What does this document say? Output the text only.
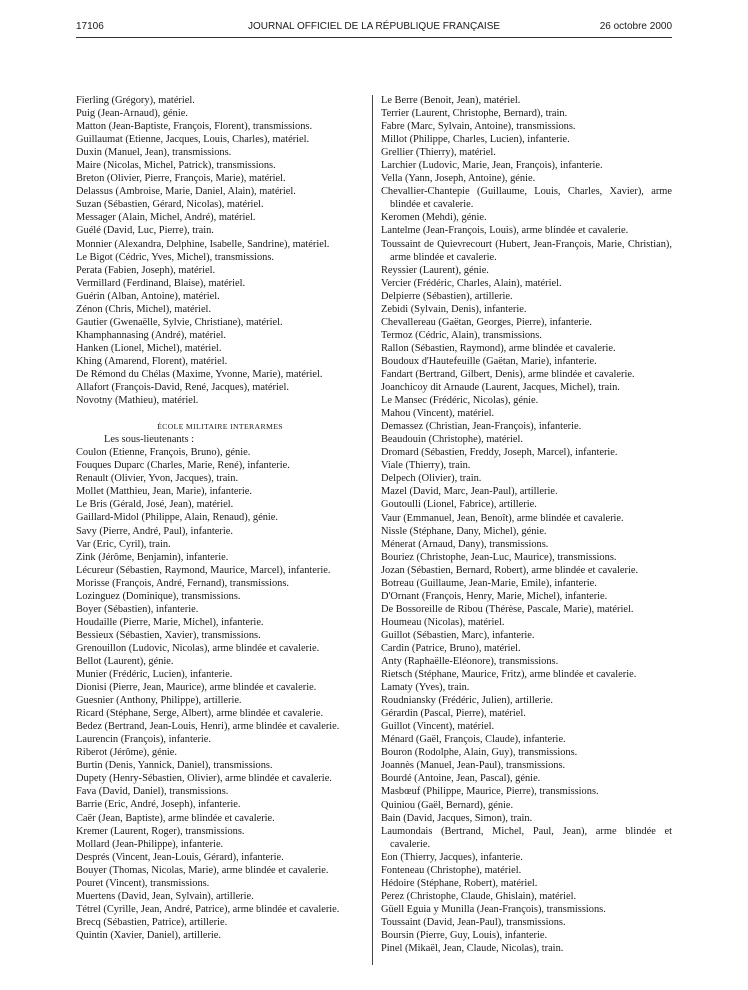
17106	JOURNAL OFFICIEL DE LA RÉPUBLIQUE FRANÇAISE	26 octobre 2000
Fierling (Grégory), matériel.
Puig (Jean-Arnaud), génie.
Matton (Jean-Baptiste, François, Florent), transmissions.
Guillaumat (Etienne, Jacques, Louis, Charles), matériel.
Duxin (Manuel, Jean), transmissions.
Maire (Nicolas, Michel, Patrick), transmissions.
Breton (Olivier, Pierre, François, Marie), matériel.
Delassus (Ambroise, Marie, Daniel, Alain), matériel.
Suzan (Sébastien, Gérard, Nicolas), matériel.
Messager (Alain, Michel, André), matériel.
Guélé (David, Luc, Pierre), train.
Monnier (Alexandra, Delphine, Isabelle, Sandrine), matériel.
Le Bigot (Cédric, Yves, Michel), transmissions.
Perata (Fabien, Joseph), matériel.
Vermillard (Ferdinand, Blaise), matériel.
Guérin (Alban, Antoine), matériel.
Zénon (Chris, Michel), matériel.
Gautier (Gwenaëlle, Sylvie, Christiane), matériel.
Khamphannasing (André), matériel.
Hanken (Lionel, Michel), matériel.
Khing (Amarend, Florent), matériel.
De Rémond du Chélas (Maxime, Yvonne, Marie), matériel.
Allafort (François-David, René, Jacques), matériel.
Novotny (Mathieu), matériel.
ÉCOLE MILITAIRE INTERARMES
Les sous-lieutenants :
Coulon (Etienne, François, Bruno), génie.
Fouques Duparc (Charles, Marie, René), infanterie.
Renault (Olivier, Yvon, Jacques), train.
Mollet (Matthieu, Jean, Marie), infanterie.
Le Bris (Gérald, José, Jean), matériel.
Gaillard-Midol (Philippe, Alain, Renaud), génie.
Savy (Pierre, André, Paul), infanterie.
Var (Eric, Cyril), train.
Zink (Jérôme, Benjamin), infanterie.
Lécureur (Sébastien, Raymond, Maurice, Marcel), infanterie.
Morisse (François, André, Fernand), transmissions.
Lozinguez (Dominique), transmissions.
Boyer (Sébastien), infanterie.
Houdaille (Pierre, Marie, Michel), infanterie.
Bessieux (Sébastien, Xavier), transmissions.
Grenouillon (Ludovic, Nicolas), arme blindée et cavalerie.
Bellot (Laurent), génie.
Munier (Frédéric, Lucien), infanterie.
Dionisi (Pierre, Jean, Maurice), arme blindée et cavalerie.
Guesnier (Anthony, Philippe), artillerie.
Ricard (Stéphane, Serge, Albert), arme blindée et cavalerie.
Bedez (Bertrand, Jean-Louis, Henri), arme blindée et cavalerie.
Laurencin (François), infanterie.
Riberot (Jérôme), génie.
Burtin (Denis, Yannick, Daniel), transmissions.
Dupety (Henry-Sébastien, Olivier), arme blindée et cavalerie.
Fava (David, Daniel), transmissions.
Barrie (Eric, André, Joseph), infanterie.
Caër (Jean, Baptiste), arme blindée et cavalerie.
Kremer (Laurent, Roger), transmissions.
Mollard (Jean-Philippe), infanterie.
Després (Vincent, Jean-Louis, Gérard), infanterie.
Bouyer (Thomas, Nicolas, Marie), arme blindée et cavalerie.
Pouret (Vincent), transmissions.
Muertens (David, Jean, Sylvain), artillerie.
Tétrel (Cyrille, Jean, André, Patrice), arme blindée et cavalerie.
Brecq (Sébastien, Patrice), artillerie.
Quintin (Xavier, Daniel), artillerie.
Le Berre (Benoit, Jean), matériel.
Terrier (Laurent, Christophe, Bernard), train.
Fabre (Marc, Sylvain, Antoine), transmissions.
Millot (Philippe, Charles, Lucien), infanterie.
Grellier (Thierry), matériel.
Larchier (Ludovic, Marie, Jean, François), infanterie.
Vella (Yann, Joseph, Antoine), génie.
Chevallier-Chantepie (Guillaume, Louis, Charles, Xavier), arme blindée et cavalerie.
Keromen (Mehdi), génie.
Lantelme (Jean-François, Louis), arme blindée et cavalerie.
Toussaint de Quievrecourt (Hubert, Jean-François, Marie, Christian), arme blindée et cavalerie.
Reyssier (Laurent), génie.
Vercier (Frédéric, Charles, Alain), matériel.
Delpierre (Sébastien), artillerie.
Zebidi (Sylvain, Denis), infanterie.
Chevallereau (Gaëtan, Georges, Pierre), infanterie.
Termoz (Cédric, Alain), transmissions.
Rallon (Sébastien, Raymond), arme blindée et cavalerie.
Boudoux d'Hautefeuille (Gaëtan, Marie), infanterie.
Fandart (Bertrand, Gilbert, Denis), arme blindée et cavalerie.
Joanchicoy dit Arnaude (Laurent, Jacques, Michel), train.
Le Mansec (Frédéric, Nicolas), génie.
Mahou (Vincent), matériel.
Demassez (Christian, Jean-François), infanterie.
Beaudouin (Christophe), matériel.
Dromard (Sébastien, Freddy, Joseph, Marcel), infanterie.
Viale (Thierry), train.
Delpech (Olivier), train.
Mazel (David, Marc, Jean-Paul), artillerie.
Goutoulli (Lionel, Fabrice), artillerie.
Vaur (Emmanuel, Jean, Benoît), arme blindée et cavalerie.
Nissle (Stéphane, Dany, Michel), génie.
Ménerat (Arnaud, Dany), transmissions.
Bouriez (Christophe, Jean-Luc, Maurice), transmissions.
Jozan (Sébastien, Bernard, Robert), arme blindée et cavalerie.
Botreau (Guillaume, Jean-Marie, Emile), infanterie.
D'Ornant (François, Henry, Marie, Michel), infanterie.
De Bossoreille de Ribou (Thérèse, Pascale, Marie), matériel.
Houmeau (Nicolas), matériel.
Guillot (Sébastien, Marc), infanterie.
Cardin (Patrice, Bruno), matériel.
Anty (Raphaëlle-Eléonore), transmissions.
Rietsch (Stéphane, Maurice, Fritz), arme blindée et cavalerie.
Lamaty (Yves), train.
Roudniansky (Frédéric, Julien), artillerie.
Gérardin (Pascal, Pierre), matériel.
Guillot (Vincent), matériel.
Ménard (Gaël, François, Claude), infanterie.
Bouron (Rodolphe, Alain, Guy), transmissions.
Joannès (Manuel, Jean-Paul), transmissions.
Bourdé (Antoine, Jean, Pascal), génie.
Masbœuf (Philippe, Maurice, Pierre), transmissions.
Quiniou (Gaël, Bernard), génie.
Bain (David, Jacques, Simon), train.
Laumondais (Bertrand, Michel, Paul, Jean), arme blindée et cavalerie.
Eon (Thierry, Jacques), infanterie.
Fonteneau (Christophe), matériel.
Hédoire (Stéphane, Robert), matériel.
Perez (Christophe, Claude, Ghislain), matériel.
Güell Eguia y Munilla (Jean-François), transmissions.
Toussaint (David, Jean-Paul), transmissions.
Boursin (Pierre, Guy, Louis), infanterie.
Pinel (Mikaël, Jean, Claude, Nicolas), train.
